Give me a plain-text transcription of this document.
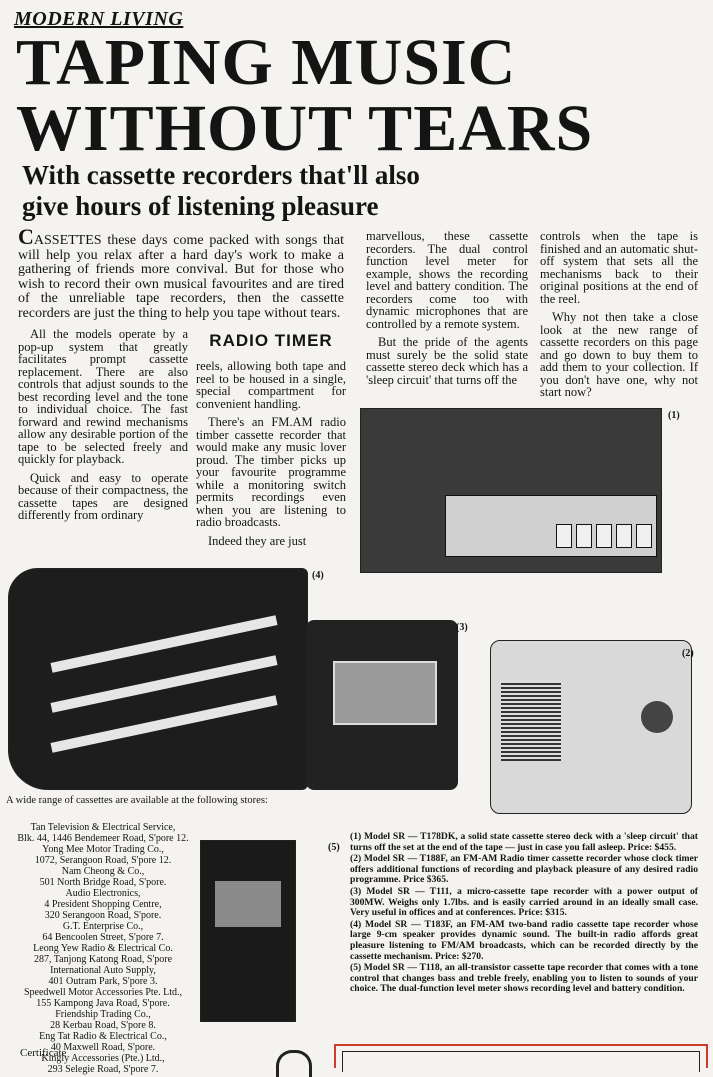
MODERN LIVING
TAPING MUSIC
WITHOUT TEARS
With cassette recorders that'll also
give hours of listening pleasure

CASSETTES these days come packed with songs that will help you relax after a hard day's work to make a gathering of friends more convival. But for those who wish to record their own musical favourites and are tired of the unreliable tape recorders, then the cassette recorders are just the thing to help you tape without tears.

All the models operate by a pop-up system that greatly facilitates prompt cassette replacement. There are also controls that adjust sounds to the best recording level and the tone to individual choice. The fast forward and rewind mechanisms allow any desirable portion of the tape to be selected freely and quickly for playback.

Quick and easy to operate because of their compactness, the cassette tapes are designed differently from ordinary

RADIO TIMER

reels, allowing both tape and reel to be housed in a single, special compartment for convenient handling.

There's an FM.AM radio timber cassette recorder that would make any music lover proud. The timber picks up your favourite programme while a monitoring switch permits recordings even when you are listening to radio broadcasts.

Indeed they are just

marvellous, these cassette recorders. The dual control function level meter for example, shows the recording level and battery condition. The recorders come too with dynamic microphones that are controlled by a remote system.

But the pride of the agents must surely be the solid state cassette stereo deck which has a 'sleep circuit' that turns off the

controls when the tape is finished and an automatic shut-off system that sets all the mechanisms back to their original positions at the end of the reel.

Why not then take a close look at the new range of cassette recorders on this page and go down to buy them to add them to your collection. If you don't have one, why not start now?

(1)
(4)
(3)
(2)
(5)

A wide range of cassettes are available at the following stores:

Tan Television & Electrical Service,
Blk. 44, 1446 Bendemeer Road, S'pore 12.
Yong Mee Motor Trading Co.,
1072, Serangoon Road, S'pore 12.
Nam Cheong & Co.,
501 North Bridge Road, S'pore.
Audio Electronics,
4 President Shopping Centre,
320 Serangoon Road, S'pore.
G.T. Enterprise Co.,
64 Bencoolen Street, S'pore 7.
Leong Yew Radio & Electrical Co.
287, Tanjong Katong Road, S'pore
International Auto Supply,
401 Outram Park, S'pore 3.
Speedwell Motor Accessories Pte. Ltd.,
155 Kampong Java Road, S'pore.
Friendship Trading Co.,
28 Kerbau Road, S'pore 8.
Eng Tat Radio & Electrical Co.,
40 Maxwell Road, S'pore.
Kingly Accessories (Pte.) Ltd.,
293 Selegie Road, S'pore 7.
(1) Model SR — T178DK, a solid state cassette stereo deck with a 'sleep circuit' that turns off the set at the end of the tape — just in case you fall asleep. Price: $455.
(2) Model SR — T188F, an FM-AM Radio timer cassette recorder whose clock timer offers additional functions of recording and playback pleasure of any desired radio programme. Price $365.
(3) Model SR — T111, a micro-cassette tape recorder with a power output of 300MW. Weighs only 1.7lbs. and is easily carried around in an ideally small case. Very useful in offices and at conferences. Price: $315.
(4) Model SR — T183F, an FM-AM two-band radio cassette tape recorder whose large 9-cm speaker provides dynamic sound. The built-in radio affords great pleasure listening to FM/AM broadcasts, which can be recorded directly by the cassette mechanism. Price: $270.
(5) Model SR — T118, an all-transistor cassette tape recorder that comes with a tone control that changes bass and treble freely, enabling you to listen to sounds of your choice. The dual-function level meter shows recording level and battery condition.
Certificate
